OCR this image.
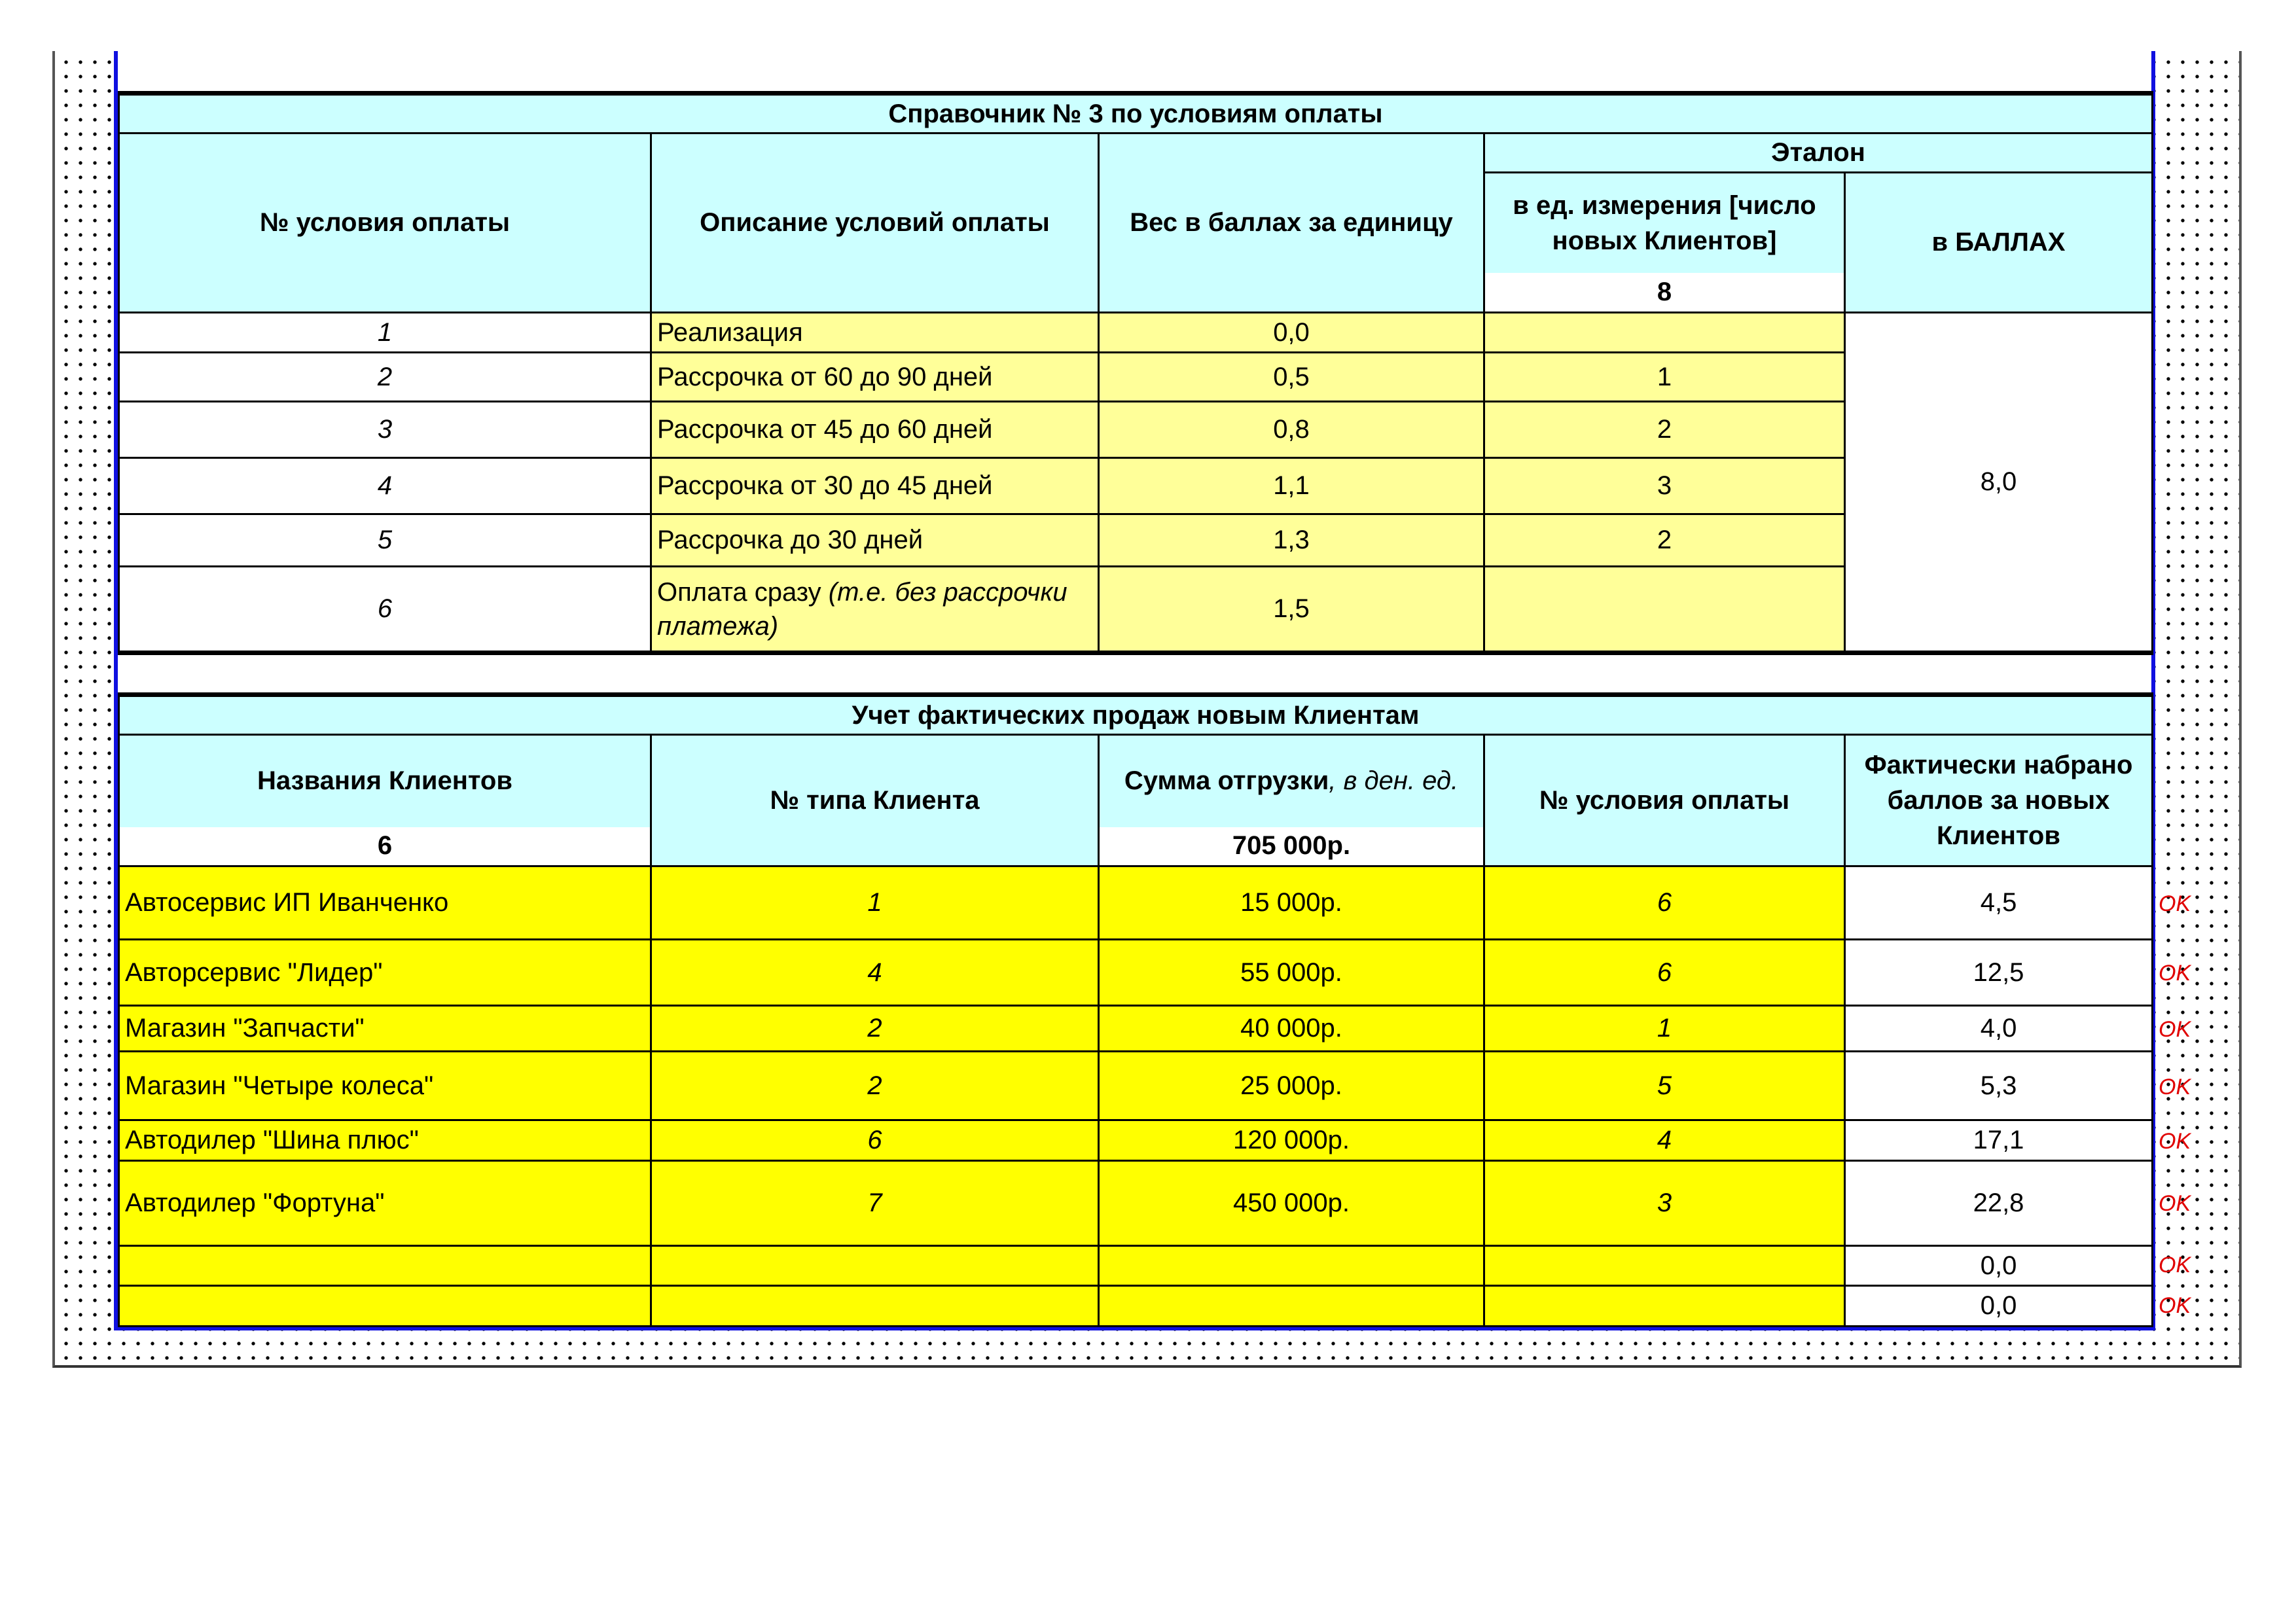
Справочник № 3 по условиям оплаты				
№ условия оплаты	Описание условий оплаты	Вес в баллах за единицу	Эталон	
			в ед. измерения [число новых Клиентов]	в БАЛЛАХ
			8	
1	Реализация	0,0		8,0
2	Рассрочка от 60 до 90 дней	0,5	1	
3	Рассрочка от 45 до 60 дней	0,8	2	
4	Рассрочка от 30 до 45 дней	1,1	3	
5	Рассрочка до 30 дней	1,3	2	
6	Оплата сразу (т.е. без рассрочки платежа)	1,5		
Учет фактических продаж новым Клиентам				
Названия Клиентов	№ типа Клиента	Сумма отгрузки, в ден. ед.	№ условия оплаты	Фактически набрано баллов за новых Клиентов
6		705 000р.		
Автосервис ИП Иванченко	1	15 000р.	6	4,5
Авторсервис "Лидер"	4	55 000р.	6	12,5
Магазин "Запчасти"	2	40 000р.	1	4,0
Магазин "Четыре колеса"	2	25 000р.	5	5,3
Автодилер "Шина плюс"	6	120 000р.	4	17,1
Автодилер "Фортуна"	7	450 000р.	3	22,8
				0,0
				0,0
OK
OK
OK
OK
OK
OK
OK
OK
